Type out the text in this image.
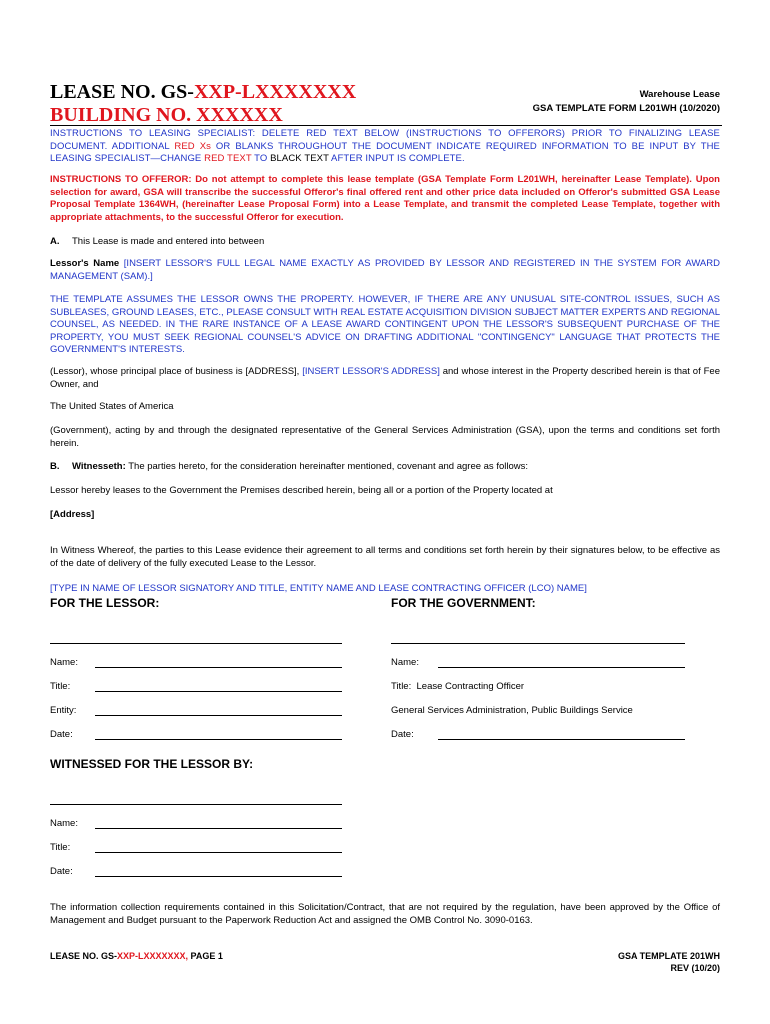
LEASE NO. GS-XXP-LXXXXXXX
BUILDING NO. XXXXXX
Warehouse Lease
GSA TEMPLATE FORM L201WH (10/2020)
INSTRUCTIONS TO LEASING SPECIALIST: DELETE RED TEXT BELOW (INSTRUCTIONS TO OFFERORS) PRIOR TO FINALIZING LEASE DOCUMENT. ADDITIONAL RED Xs OR BLANKS THROUGHOUT THE DOCUMENT INDICATE REQUIRED INFORMATION TO BE INPUT BY THE LEASING SPECIALIST—CHANGE RED TEXT TO BLACK TEXT AFTER INPUT IS COMPLETE.
INSTRUCTIONS TO OFFEROR: Do not attempt to complete this lease template (GSA Template Form L201WH, hereinafter Lease Template). Upon selection for award, GSA will transcribe the successful Offeror's final offered rent and other price data included on Offeror's submitted GSA Lease Proposal Template 1364WH, (hereinafter Lease Proposal Form) into a Lease Template, and transmit the completed Lease Template, together with appropriate attachments, to the successful Offeror for execution.
A. This Lease is made and entered into between
Lessor's Name [INSERT LESSOR'S FULL LEGAL NAME EXACTLY AS PROVIDED BY LESSOR AND REGISTERED IN THE SYSTEM FOR AWARD MANAGEMENT (SAM).]
THE TEMPLATE ASSUMES THE LESSOR OWNS THE PROPERTY. HOWEVER, IF THERE ARE ANY UNUSUAL SITE-CONTROL ISSUES, SUCH AS SUBLEASES, GROUND LEASES, ETC., PLEASE CONSULT WITH REAL ESTATE ACQUISITION DIVISION SUBJECT MATTER EXPERTS AND REGIONAL COUNSEL, AS NEEDED. IN THE RARE INSTANCE OF A LEASE AWARD CONTINGENT UPON THE LESSOR'S SUBSEQUENT PURCHASE OF THE PROPERTY, YOU MUST SEEK REGIONAL COUNSEL'S ADVICE ON DRAFTING ADDITIONAL "CONTINGENCY" LANGUAGE THAT PROTECTS THE GOVERNMENT'S INTERESTS.
(Lessor), whose principal place of business is [ADDRESS], [INSERT LESSOR'S ADDRESS] and whose interest in the Property described herein is that of Fee Owner, and
The United States of America
(Government), acting by and through the designated representative of the General Services Administration (GSA), upon the terms and conditions set forth herein.
B. Witnesseth: The parties hereto, for the consideration hereinafter mentioned, covenant and agree as follows:
Lessor hereby leases to the Government the Premises described herein, being all or a portion of the Property located at
[Address]
In Witness Whereof, the parties to this Lease evidence their agreement to all terms and conditions set forth herein by their signatures below, to be effective as of the date of delivery of the fully executed Lease to the Lessor.
[TYPE IN NAME OF LESSOR SIGNATORY AND TITLE, ENTITY NAME AND LEASE CONTRACTING OFFICER (LCO) NAME]
FOR THE LESSOR:	FOR THE GOVERNMENT:
Name:
Title:
Entity:
Date:
Name:
Title: Lease Contracting Officer
General Services Administration, Public Buildings Service
Date:
WITNESSED FOR THE LESSOR BY:
Name:
Title:
Date:
The information collection requirements contained in this Solicitation/Contract, that are not required by the regulation, have been approved by the Office of Management and Budget pursuant to the Paperwork Reduction Act and assigned the OMB Control No. 3090-0163.
LEASE NO. GS-XXP-LXXXXXXX, PAGE 1	GSA TEMPLATE 201WH
REV (10/20)
